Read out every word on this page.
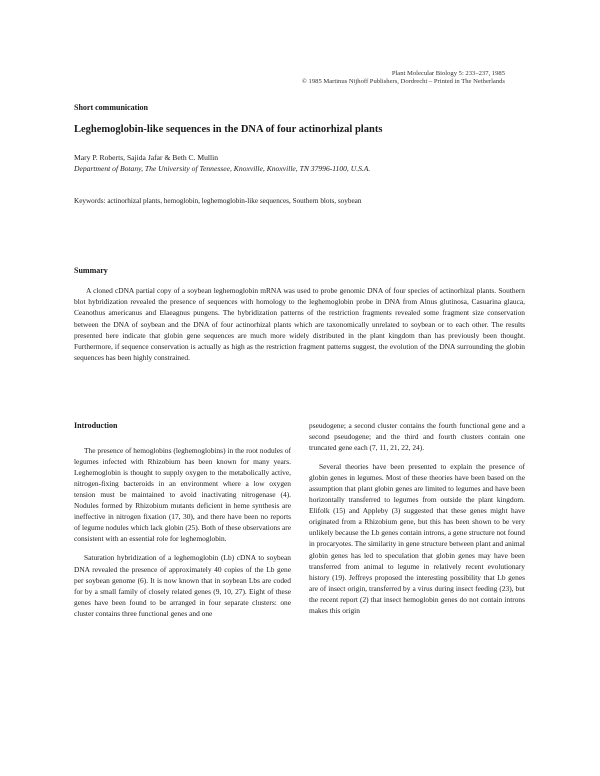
Plant Molecular Biology 5: 233–237, 1985
© 1985 Martinus Nijhoff Publishers, Dordrecht – Printed in The Netherlands
Short communication
Leghemoglobin-like sequences in the DNA of four actinorhizal plants
Mary P. Roberts, Sajida Jafar & Beth C. Mullin
Department of Botany, The University of Tennessee, Knoxville, Knoxville, TN 37996-1100, U.S.A.
Keywords: actinorhizal plants, hemoglobin, leghemoglobin-like sequences, Southern blots, soybean
Summary
A cloned cDNA partial copy of a soybean leghemoglobin mRNA was used to probe genomic DNA of four species of actinorhizal plants. Southern blot hybridization revealed the presence of sequences with homology to the leghemoglobin probe in DNA from Alnus glutinosa, Casuarina glauca, Ceanothus americanus and Elaeagnus pungens. The hybridization patterns of the restriction fragments revealed some fragment size conservation between the DNA of soybean and the DNA of four actinorhizal plants which are taxonomically unrelated to soybean or to each other. The results presented here indicate that globin gene sequences are much more widely distributed in the plant kingdom than has previously been thought. Furthermore, if sequence conservation is actually as high as the restriction fragment patterns suggest, the evolution of the DNA surrounding the globin sequences has been highly constrained.
Introduction

The presence of hemoglobins (leghemoglobins) in the root nodules of legumes infected with Rhizobium has been known for many years. Leghemoglobin is thought to supply oxygen to the metabolically active, nitrogen-fixing bacteroids in an environment where a low oxygen tension must be maintained to avoid inactivating nitrogenase (4). Nodules formed by Rhizobium mutants deficient in heme synthesis are ineffective in nitrogen fixation (17, 30), and there have been no reports of legume nodules which lack globin (25). Both of these observations are consistent with an essential role for leghemoglobin.

Saturation hybridization of a leghemoglobin (Lb) cDNA to soybean DNA revealed the presence of approximately 40 copies of the Lb gene per soybean genome (6). It is now known that in soybean Lbs are coded for by a small family of closely related genes (9, 10, 27). Eight of these genes have been found to be arranged in four separate clusters: one cluster contains three functional genes and one

pseudogene; a second cluster contains the fourth functional gene and a second pseudogene; and the third and fourth clusters contain one truncated gene each (7, 11, 21, 22, 24).

Several theories have been presented to explain the presence of globin genes in legumes. Most of these theories have been based on the assumption that plant globin genes are limited to legumes and have been horizontally transferred to legumes from outside the plant kingdom. Elifolk (15) and Appleby (3) suggested that these genes might have originated from a Rhizobium gene, but this has been shown to be very unlikely because the Lb genes contain introns, a gene structure not found in procaryotes. The similarity in gene structure between plant and animal globin genes has led to speculation that globin genes may have been transferred from animal to legume in relatively recent evolutionary history (19). Jeffreys proposed the interesting possibility that Lb genes are of insect origin, transferred by a virus during insect feeding (23), but the recent report (2) that insect hemoglobin genes do not contain introns makes this origin
